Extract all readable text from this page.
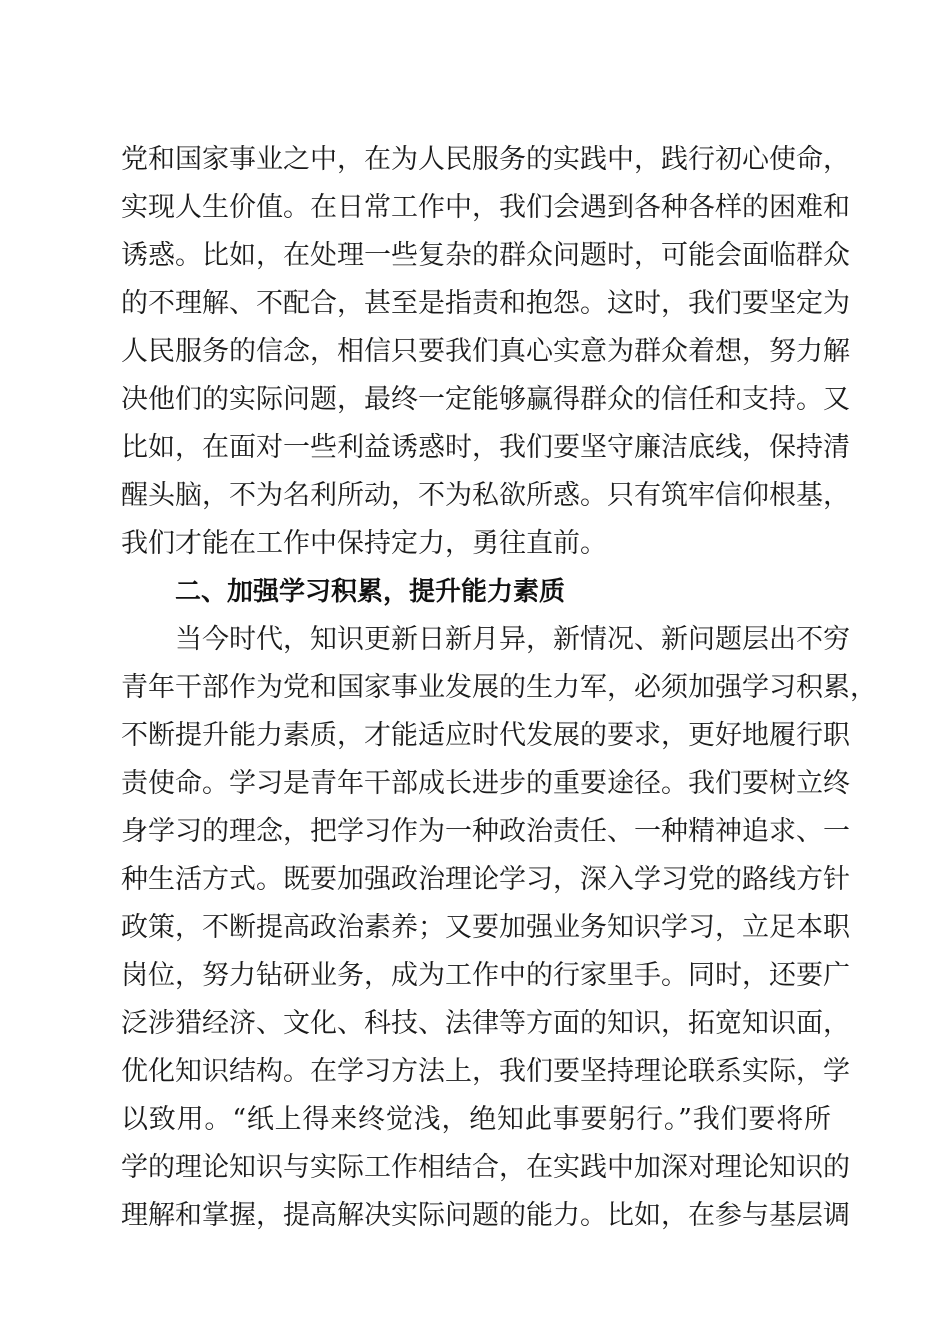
党和国家事业之中，在为人民服务的实践中，践行初心使命，
实现人生价值。在日常工作中，我们会遇到各种各样的困难和
诱惑。比如，在处理一些复杂的群众问题时，可能会面临群众
的不理解、不配合，甚至是指责和抱怨。这时，我们要坚定为
人民服务的信念，相信只要我们真心实意为群众着想，努力解
决他们的实际问题，最终一定能够赢得群众的信任和支持。又
比如，在面对一些利益诱惑时，我们要坚守廉洁底线，保持清
醒头脑，不为名利所动，不为私欲所惑。只有筑牢信仰根基，
我们才能在工作中保持定力，勇往直前。
二、加强学习积累，提升能力素质
当今时代，知识更新日新月异，新情况、新问题层出不穷
青年干部作为党和国家事业发展的生力军，必须加强学习积累，
不断提升能力素质，才能适应时代发展的要求，更好地履行职
责使命。学习是青年干部成长进步的重要途径。我们要树立终
身学习的理念，把学习作为一种政治责任、一种精神追求、一
种生活方式。既要加强政治理论学习，深入学习党的路线方针
政策，不断提高政治素养；又要加强业务知识学习，立足本职
岗位，努力钻研业务，成为工作中的行家里手。同时，还要广
泛涉猎经济、文化、科技、法律等方面的知识，拓宽知识面，
优化知识结构。在学习方法上，我们要坚持理论联系实际，学
以致用。“纸上得来终觉浅，绝知此事要躬行。”我们要将所
学的理论知识与实际工作相结合，在实践中加深对理论知识的
理解和掌握，提高解决实际问题的能力。比如，在参与基层调
